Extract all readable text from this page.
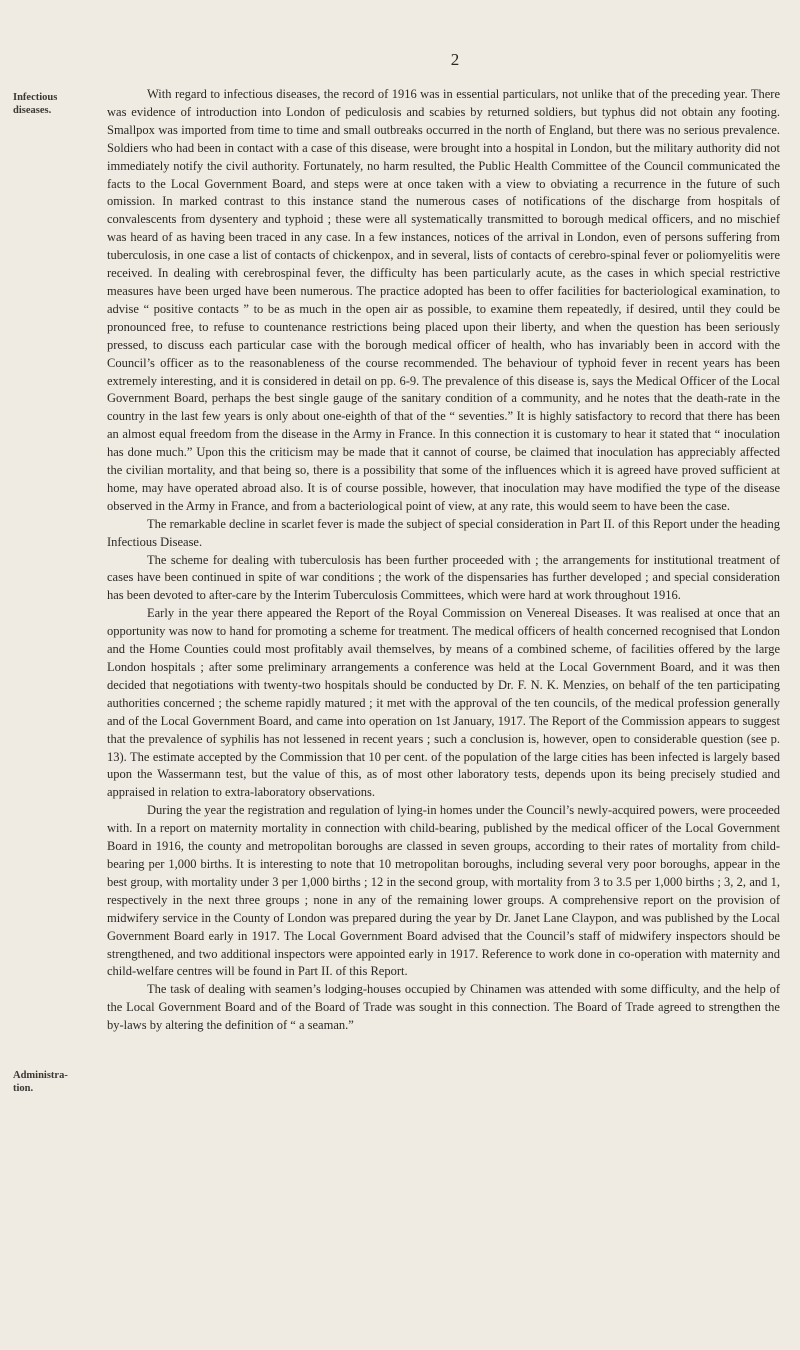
2
Infectious
diseases.
Administra-
tion.

With regard to infectious diseases, the record of 1916 was in essential particulars, not unlike that of the preceding year. There was evidence of introduction into London of pediculosis and scabies by returned soldiers, but typhus did not obtain any footing. Smallpox was imported from time to time and small outbreaks occurred in the north of England, but there was no serious prevalence. Soldiers who had been in contact with a case of this disease, were brought into a hospital in London, but the military authority did not immediately notify the civil authority. Fortunately, no harm resulted, the Public Health Committee of the Council communicated the facts to the Local Government Board, and steps were at once taken with a view to obviating a recurrence in the future of such omission. In marked contrast to this instance stand the numerous cases of notifications of the discharge from hospitals of convalescents from dysentery and typhoid ; these were all systematically transmitted to borough medical officers, and no mischief was heard of as having been traced in any case. In a few instances, notices of the arrival in London, even of persons suffering from tuberculosis, in one case a list of contacts of chickenpox, and in several, lists of contacts of cerebro-spinal fever or poliomyelitis were received. In dealing with cerebrospinal fever, the difficulty has been particularly acute, as the cases in which special restrictive measures have been urged have been numerous. The practice adopted has been to offer facilities for bacteriological examination, to advise “ positive contacts ” to be as much in the open air as possible, to examine them repeatedly, if desired, until they could be pronounced free, to refuse to countenance restrictions being placed upon their liberty, and when the question has been seriously pressed, to discuss each particular case with the borough medical officer of health, who has invariably been in accord with the Council’s officer as to the reasonableness of the course recommended. The behaviour of typhoid fever in recent years has been extremely interesting, and it is considered in detail on pp. 6-9. The prevalence of this disease is, says the Medical Officer of the Local Government Board, perhaps the best single gauge of the sanitary condition of a community, and he notes that the death-rate in the country in the last few years is only about one-eighth of that of the “ seventies.” It is highly satisfactory to record that there has been an almost equal freedom from the disease in the Army in France. In this connection it is customary to hear it stated that “ inoculation has done much.” Upon this the criticism may be made that it cannot of course, be claimed that inoculation has appreciably affected the civilian mortality, and that being so, there is a possibility that some of the influences which it is agreed have proved sufficient at home, may have operated abroad also. It is of course possible, however, that inoculation may have modified the type of the disease observed in the Army in France, and from a bacteriological point of view, at any rate, this would seem to have been the case.

The remarkable decline in scarlet fever is made the subject of special consideration in Part II. of this Report under the heading Infectious Disease.

The scheme for dealing with tuberculosis has been further proceeded with ; the arrangements for institutional treatment of cases have been continued in spite of war conditions ; the work of the dispensaries has further developed ; and special consideration has been devoted to after-care by the Interim Tuberculosis Committees, which were hard at work throughout 1916.

Early in the year there appeared the Report of the Royal Commission on Venereal Diseases. It was realised at once that an opportunity was now to hand for promoting a scheme for treatment. The medical officers of health concerned recognised that London and the Home Counties could most profitably avail themselves, by means of a combined scheme, of facilities offered by the large London hospitals ; after some preliminary arrangements a conference was held at the Local Government Board, and it was then decided that negotiations with twenty-two hospitals should be conducted by Dr. F. N. K. Menzies, on behalf of the ten participating authorities concerned ; the scheme rapidly matured ; it met with the approval of the ten councils, of the medical profession generally and of the Local Government Board, and came into operation on 1st January, 1917. The Report of the Commission appears to suggest that the prevalence of syphilis has not lessened in recent years ; such a conclusion is, however, open to considerable question (see p. 13). The estimate accepted by the Commission that 10 per cent. of the population of the large cities has been infected is largely based upon the Wassermann test, but the value of this, as of most other laboratory tests, depends upon its being precisely studied and appraised in relation to extra-laboratory observations.

During the year the registration and regulation of lying-in homes under the Council’s newly-acquired powers, were proceeded with. In a report on maternity mortality in connection with child-bearing, published by the medical officer of the Local Government Board in 1916, the county and metropolitan boroughs are classed in seven groups, according to their rates of mortality from child-bearing per 1,000 births. It is interesting to note that 10 metropolitan boroughs, including several very poor boroughs, appear in the best group, with mortality under 3 per 1,000 births ; 12 in the second group, with mortality from 3 to 3.5 per 1,000 births ; 3, 2, and 1, respectively in the next three groups ; none in any of the remaining lower groups. A comprehensive report on the provision of midwifery service in the County of London was prepared during the year by Dr. Janet Lane Claypon, and was published by the Local Government Board early in 1917. The Local Government Board advised that the Council’s staff of midwifery inspectors should be strengthened, and two additional inspectors were appointed early in 1917. Reference to work done in co-operation with maternity and child-welfare centres will be found in Part II. of this Report.

The task of dealing with seamen’s lodging-houses occupied by Chinamen was attended with some difficulty, and the help of the Local Government Board and of the Board of Trade was sought in this connection. The Board of Trade agreed to strengthen the by-laws by altering the definition of “ a seaman.”
